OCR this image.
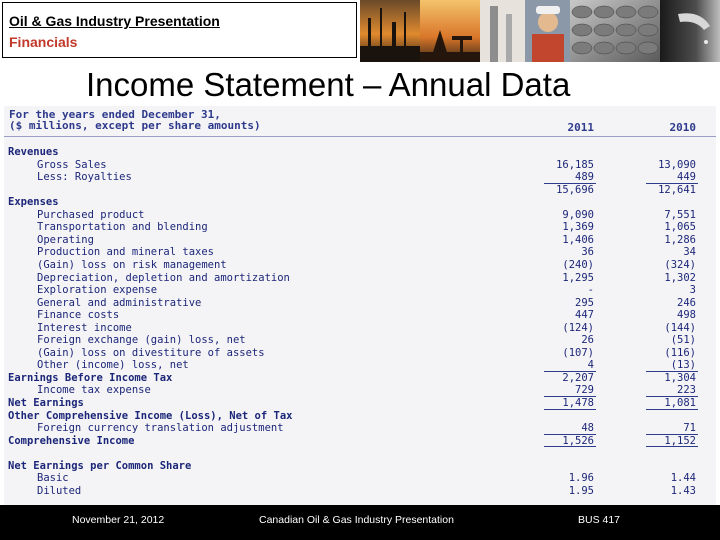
Oil & Gas Industry Presentation
Financials
Income Statement – Annual Data
For the years ended December 31,
($ millions, except per share amounts)	2011	2010
Revenues
Gross Sales	16,185	13,090
Less: Royalties	489	449
15,696	12,641
Expenses
Purchased product	9,090	7,551
Transportation and blending	1,369	1,065
Operating	1,406	1,286
Production and mineral taxes	36	34
(Gain) loss on risk management	(240)	(324)
Depreciation, depletion and amortization	1,295	1,302
Exploration expense	-	3
General and administrative	295	246
Finance costs	447	498
Interest income	(124)	(144)
Foreign exchange (gain) loss, net	26	(51)
(Gain) loss on divestiture of assets	(107)	(116)
Other (income) loss, net	4	(13)
Earnings Before Income Tax	2,207	1,304
Income tax expense	729	223
Net Earnings	1,478	1,081
Other Comprehensive Income (Loss), Net of Tax
Foreign currency translation adjustment	48	71
Comprehensive Income	1,526	1,152
Net Earnings per Common Share
Basic	1.96	1.44
Diluted	1.95	1.43
November 21, 2012	Canadian Oil & Gas Industry Presentation	BUS 417
